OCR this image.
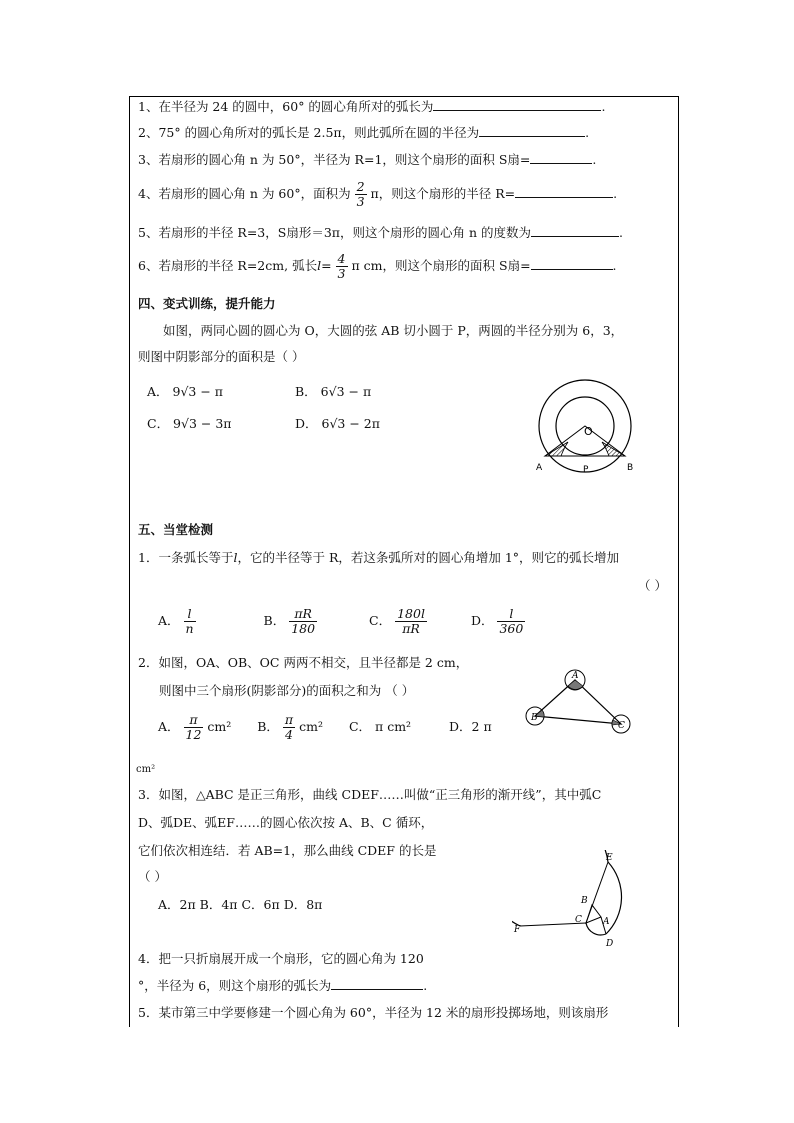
1、在半径为 24 的圆中，60° 的圆心角所对的弧长为	.
2、75° 的圆心角所对的弧长是 2.5π，则此弧所在圆的半径为	.
3、若扇形的圆心角 n 为 50°，半径为 R=1，则这个扇形的面积 S扇=	.
4、若扇形的圆心角 n 为 60°，面积为 $\frac{2}{3}$ π，则这个扇形的半径 R=	.
5、若扇形的半径 R=3，S扇形＝3π，则这个扇形的圆心角 n 的度数为	.
6、若扇形的半径 R=2cm, 弧长$l= \frac{4}{3}$ π cm，则这个扇形的面积 S扇=	.
四、变式训练，提升能力
如图，两同心圆的圆心为 O，大圆的弦 AB 切小圆于 P，两圆的半径分别为 6，3，
则图中阴影部分的面积是（ ）
A． 9√3 − π	B． 6√3 − π
C． 9√3 − 3π	D． 6√3 − 2π
O
A	P	B
五、当堂检测
1．一条弧长等于l，它的半径等于 R，若这条弧所对的圆心角增加 1°，则它的弧长增加
（ ）
A． $\frac{l}{n}$	B． $\frac{\pi R}{180}$	C． $\frac{180l}{\pi R}$	D． $\frac{l}{360}$
2．如图，OA、OB、OC 两两不相交，且半径都是 2 cm，
则图中三个扇形(阴影部分)的面积之和为 （ ）
A． $\frac{\pi}{12} cm^2$ B． $\frac{\pi}{4} cm^2$ C． π cm²	D．2 π
cm²
A
B
C
3．如图，△ABC 是正三角形，曲线 CDEF……叫做“正三角形的渐开线”，其中弧C
D、弧DE、弧EF……的圆心依次按 A、B、C 循环，
它们依次相连结．若 AB=1，那么曲线 CDEF 的长是
（ ）
A．2π B．4π C．6π D．8π
E
B
C A
F
D
4．把一只折扇展开成一个扇形，它的圆心角为 120
°，半径为 6，则这个扇形的弧长为	.
5．某市第三中学要修建一个圆心角为 60°，半径为 12 米的扇形投掷场地，则该扇形
